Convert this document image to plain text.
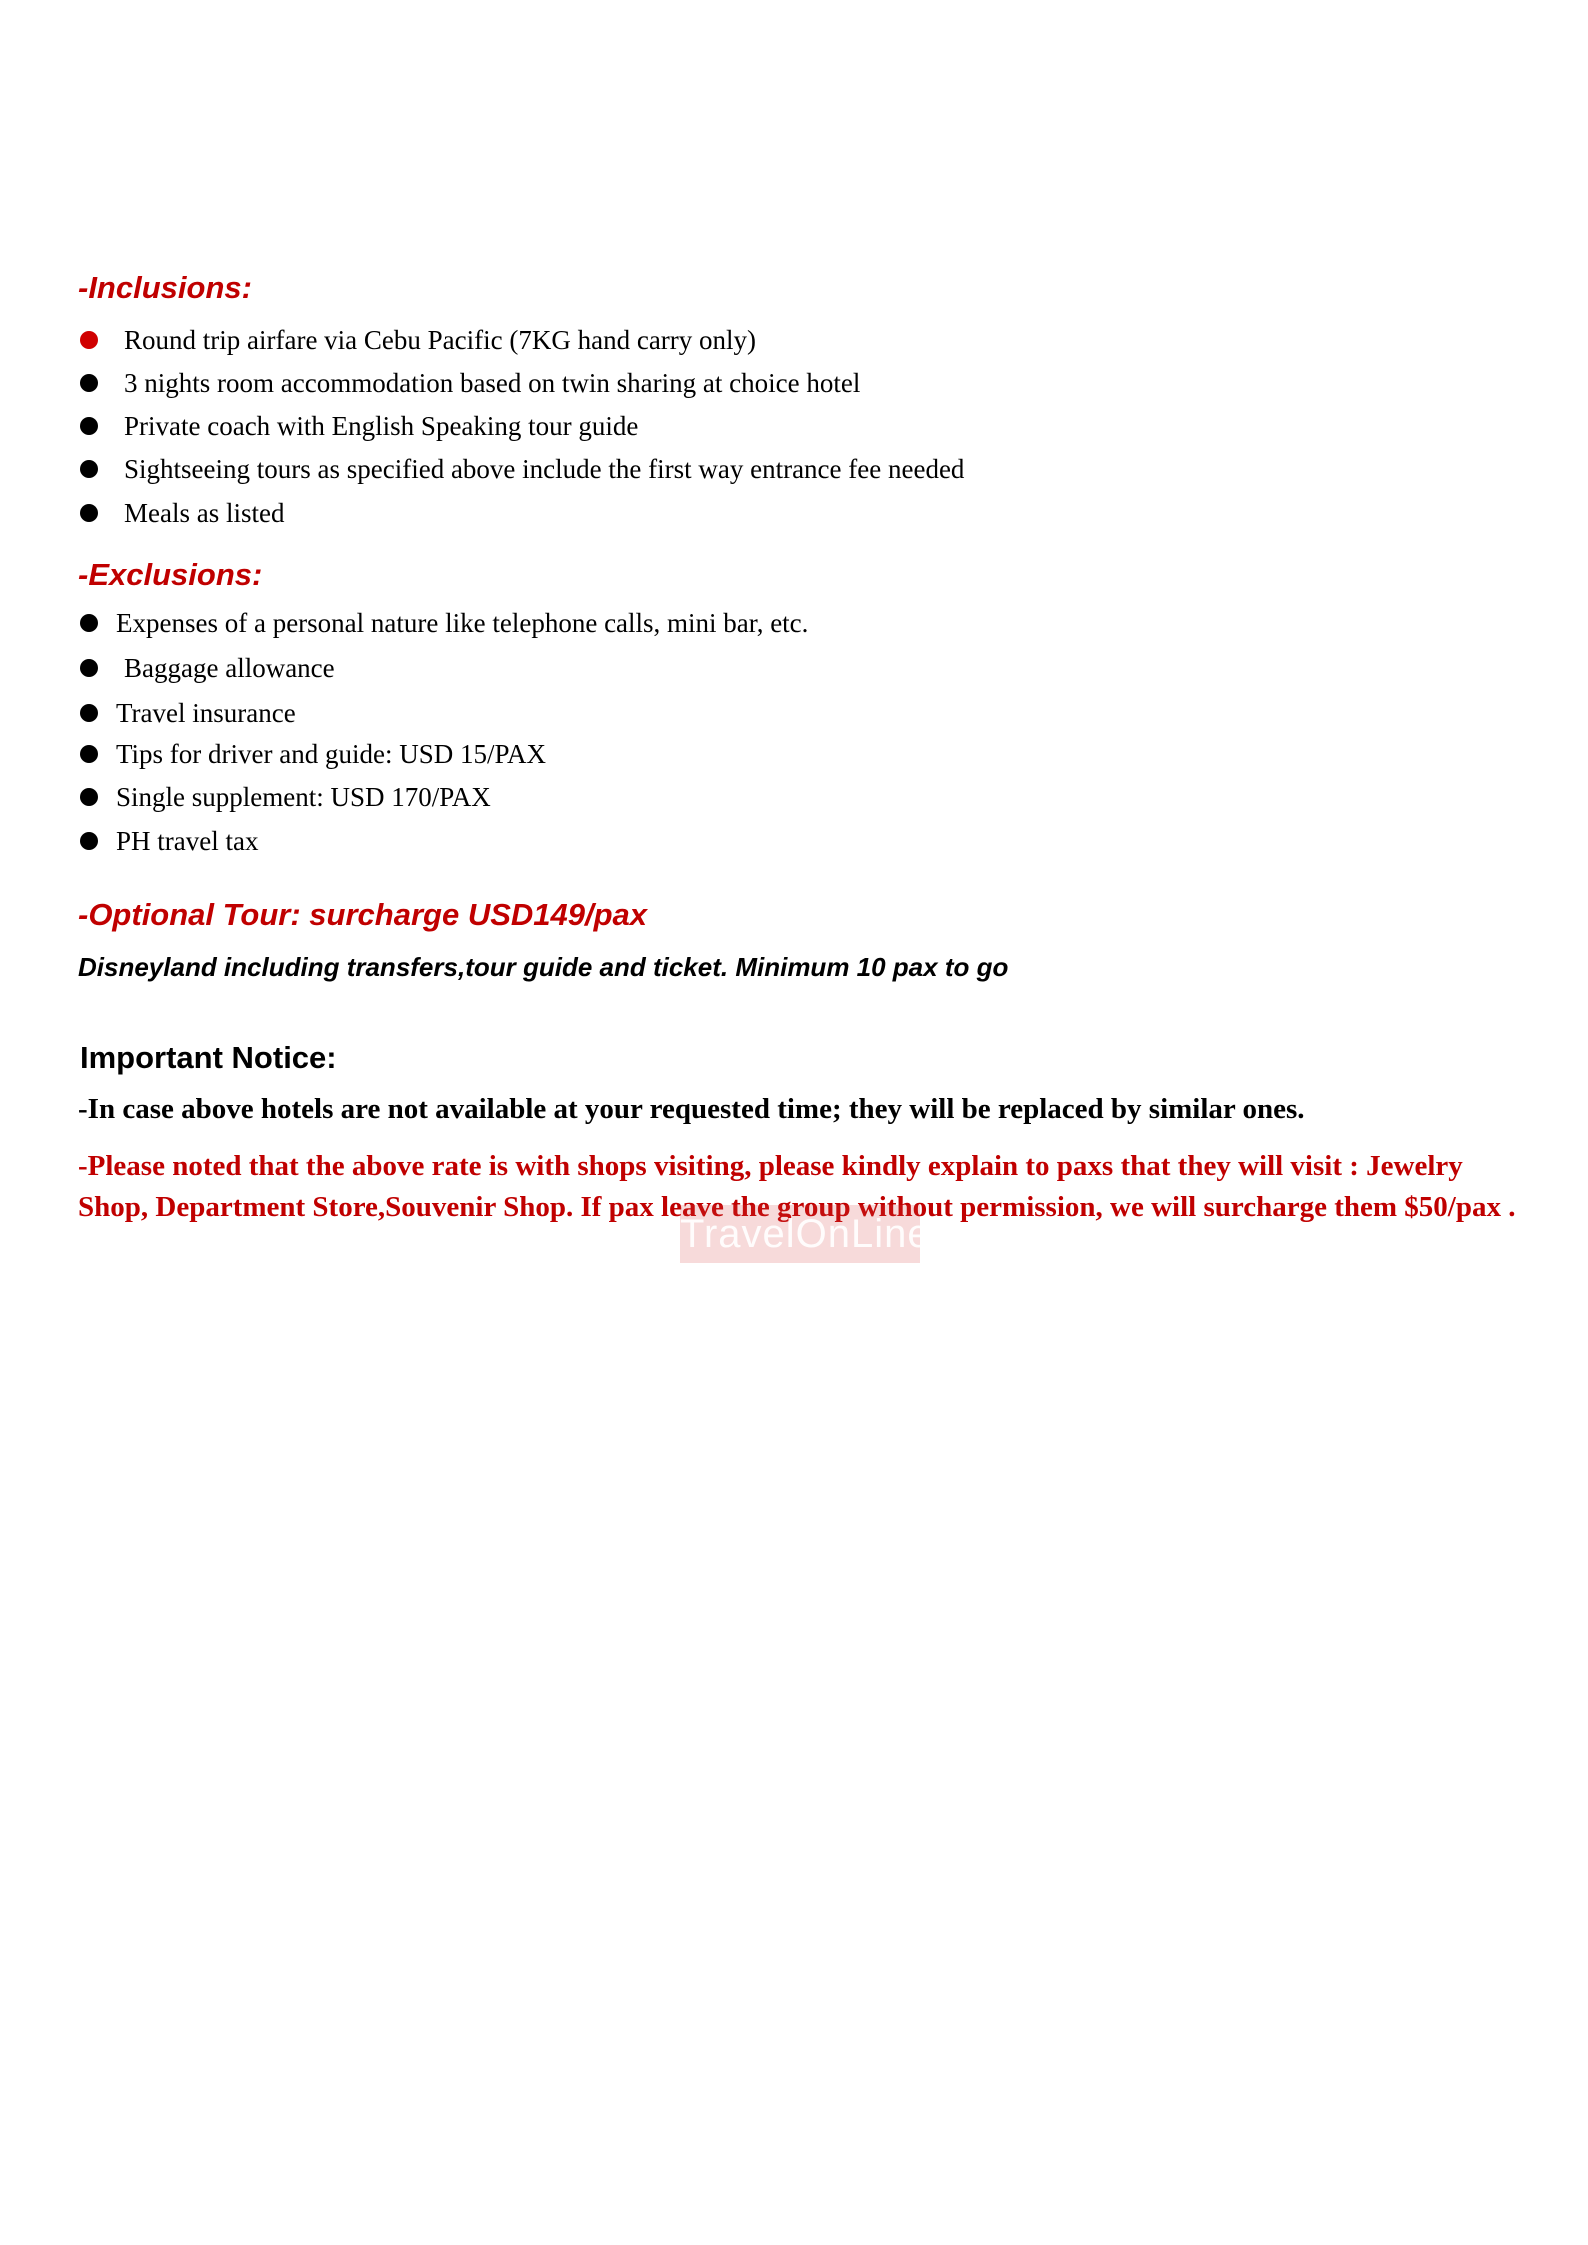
-Inclusions:
Round trip airfare via Cebu Pacific (7KG hand carry only)
3 nights room accommodation based on twin sharing at choice hotel
Private coach with English Speaking tour guide
Sightseeing tours as specified above include the first way entrance fee needed
Meals as listed
-Exclusions:
Expenses of a personal nature like telephone calls, mini bar, etc.
Baggage allowance
Travel insurance
Tips for driver and guide: USD 15/PAX
Single supplement: USD 170/PAX
PH travel tax
-Optional Tour: surcharge USD149/pax

Disneyland including transfers,tour guide and ticket. Minimum 10 pax to go

Important Notice:

-In case above hotels are not available at your requested time; they will be replaced by similar ones.

-Please noted that the above rate is with shops visiting, please kindly explain to paxs that they will visit : Jewelry Shop, Department Store,Souvenir Shop. If pax leave the group without permission, we will surcharge them $50/pax .

TravelOnLine
